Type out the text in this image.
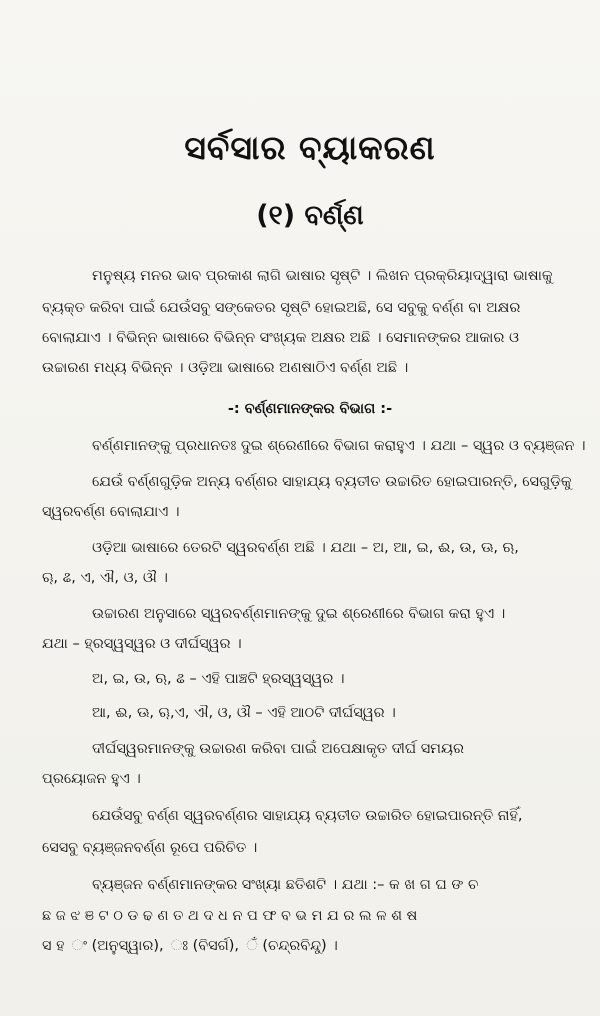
ସର୍ବସାର ବ୍ୟାକରଣ
(୧) ବର୍ଣ୍ଣ
ମନୁଷ୍ୟ ମନର ଭାବ ପ୍ରକାଶ ଲାଗି ଭାଷାର ସୃଷ୍ଟି । ଲିଖନ ପ୍ରକ୍ରିୟାଦ୍ୱାରା ଭାଷାକୁ
ବ୍ୟକ୍ତ କରିବା ପାଇଁ ଯେଉଁସବୁ ସଙ୍କେତର ସୃଷ୍ଟି ହୋଇଅଛି, ସେ ସବୁକୁ ବର୍ଣ୍ଣ ବା ଅକ୍ଷର
ବୋଲାଯାଏ । ବିଭିନ୍ନ ଭାଷାରେ ବିଭିନ୍ନ ସଂଖ୍ୟକ ଅକ୍ଷର ଅଛି । ସେମାନଙ୍କର ଆକାର ଓ
ଉଚ୍ଚାରଣ ମଧ୍ୟ ବିଭିନ୍ନ । ଓଡ଼ିଆ ଭାଷାରେ ଅଣଷାଠିଏ ବର୍ଣ୍ଣ ଅଛି ।
-: ବର୍ଣ୍ଣମାନଙ୍କର ବିଭାଗ :-
ବର୍ଣ୍ଣମାନଙ୍କୁ ପ୍ରଧାନତଃ ଦୁଇ ଶ୍ରେଣୀରେ ବିଭାଗ କରାହୁଏ । ଯଥା – ସ୍ୱର ଓ ବ୍ୟଞ୍ଜନ ।
ଯେଉଁ ବର୍ଣ୍ଣଗୁଡ଼ିକ ଅନ୍ୟ ବର୍ଣ୍ଣର ସାହାଯ୍ୟ ବ୍ୟତୀତ ଉଚ୍ଚାରିତ ହୋଇପାରନ୍ତି, ସେଗୁଡ଼ିକୁ
ସ୍ୱରବର୍ଣ୍ଣ ବୋଲାଯାଏ ।
ଓଡ଼ିଆ ଭାଷାରେ ତେରଟି ସ୍ୱରବର୍ଣ୍ଣ ଅଛି । ଯଥା – ଅ, ଆ, ଇ, ଈ, ଉ, ଊ, ଋ,
ୠ, ଌ, ଏ, ଐ, ଓ, ଔ ।
ଉଚ୍ଚାରଣ ଅନୁସାରେ ସ୍ୱରବର୍ଣ୍ଣମାନଙ୍କୁ ଦୁଇ ଶ୍ରେଣୀରେ ବିଭାଗ କରା ହୁଏ ।
ଯଥା – ହ୍ରସ୍ୱସ୍ୱର ଓ ଦୀର୍ଘସ୍ୱର ।
ଅ, ଇ, ଉ, ଋ, ଌ – ଏହି ପାଞ୍ଚଟି ହ୍ରସ୍ୱସ୍ୱର ।
ଆ, ଈ, ଊ, ୠ,ଏ, ଐ, ଓ, ଔ – ଏହି ଆଠଟି ଦୀର୍ଘସ୍ୱର ।
ଦୀର୍ଘସ୍ୱରମାନଙ୍କୁ ଉଚ୍ଚାରଣ କରିବା ପାଇଁ ଅପେକ୍ଷାକୃତ ଦୀର୍ଘ ସମୟର
ପ୍ରୟୋଜନ ହୁଏ ।
ଯେଉଁସବୁ ବର୍ଣ୍ଣ ସ୍ୱରବର୍ଣ୍ଣର ସାହାଯ୍ୟ ବ୍ୟତୀତ ଉଚ୍ଚାରିତ ହୋଇପାରନ୍ତି ନାହିଁ,
ସେସବୁ ବ୍ୟଞ୍ଜନବର୍ଣ୍ଣ ରୂପେ ପରିଚିତ ।
ବ୍ୟଞ୍ଜନ ବର୍ଣ୍ଣମାନଙ୍କର ସଂଖ୍ୟା ଛତିଶଟି । ଯଥା :– କ ଖ ଗ ଘ ଙ ଚ
ଛ ଜ ଝ ଞ ଟ ଠ ଡ ଢ ଣ ତ ଥ ଦ ଧ ନ ପ ଫ ବ ଭ ମ ଯ ର ଲ ଳ ଶ ଷ
ସ ହ ଂ (ଅନୁସ୍ୱାର), ଃ (ବିସର୍ଗ), ଁ (ଚନ୍ଦ୍ରବିନ୍ଦୁ) ।
